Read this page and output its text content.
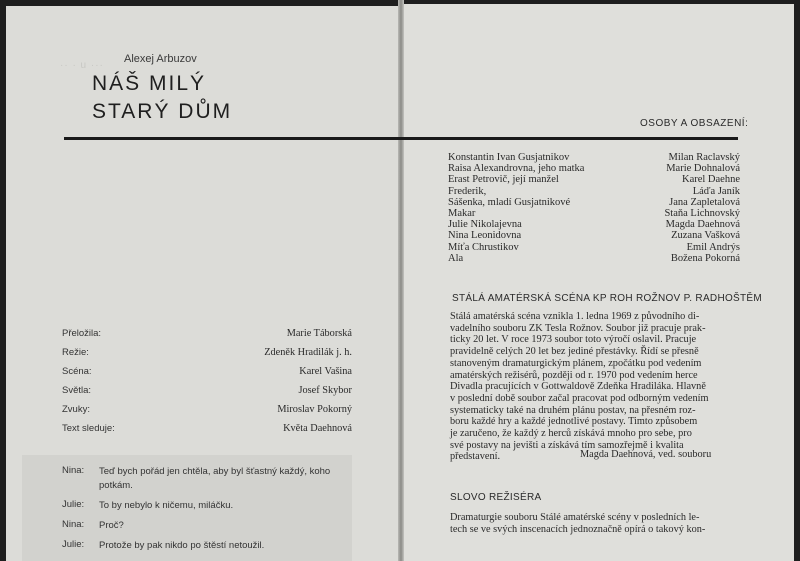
·· · u ···
Alexej Arbuzov
NÁŠ MILÝ
STARÝ DŮM
OSOBY A OBSAZENÍ:
Konstantin Ivan Gusjatnikov	Milan Raclavský
Raisa Alexandrovna, jeho matka	Marie Dohnalová
Erast Petrovič, její manžel	Karel Daehne
Frederik,	Láďa Janík
Sášenka, mladí Gusjatnikové	Jana Zapletalová
Makar	Staňa Lichnovský
Julie Nikolajevna	Magda Daehnová
Nina Leonidovna	Zuzana Vašková
Míťa Chrustikov	Emil Andrýs
Ala	Božena Pokorná
STÁLÁ AMATÉRSKÁ SCÉNA KP ROH ROŽNOV P. RADHOŠTĚM
Stálá amatérská scéna vznikla 1. ledna 1969 z původního di-
vadelního souboru ZK Tesla Rožnov. Soubor již pracuje prak-
ticky 20 let. V roce 1973 soubor toto výročí oslavil. Pracuje
pravidelně celých 20 let bez jediné přestávky. Řídí se přesně
stanoveným dramaturgickým plánem, zpočátku pod vedením
amatérských režisérů, později od r. 1970 pod vedením herce
Divadla pracujících v Gottwaldově Zdeňka Hradiláka. Hlavně
v poslední době soubor začal pracovat pod odborným vedením
systematicky také na druhém plánu postav, na přesném roz-
boru každé hry a každé jednotlivé postavy. Timto způsobem
je zaručeno, že každý z herců získává mnoho pro sebe, pro
své postavy na jevišti a získává tím samozřejmě i kvalita
představení.	Magda Daehnová, ved. souboru
SLOVO REŽISÉRA
Dramaturgie souboru Stálé amatérské scény v posledních le-
tech se ve svých inscenacích jednoznačně opírá o takový kon-
Přeložila:	Marie Táborská
Režie:	Zdeněk Hradilák j. h.
Scéna:	Karel Vašina
Světla:	Josef Skybor
Zvuky:	Miroslav Pokorný
Text sleduje:	Květa Daehnová
Nina:	Teď bych pořád jen chtěla, aby byl šťastný každý, koho potkám.
Julie:	To by nebylo k ničemu, miláčku.
Nina:	Proč?
Julie:	Protože by pak nikdo po štěstí netoužil.
